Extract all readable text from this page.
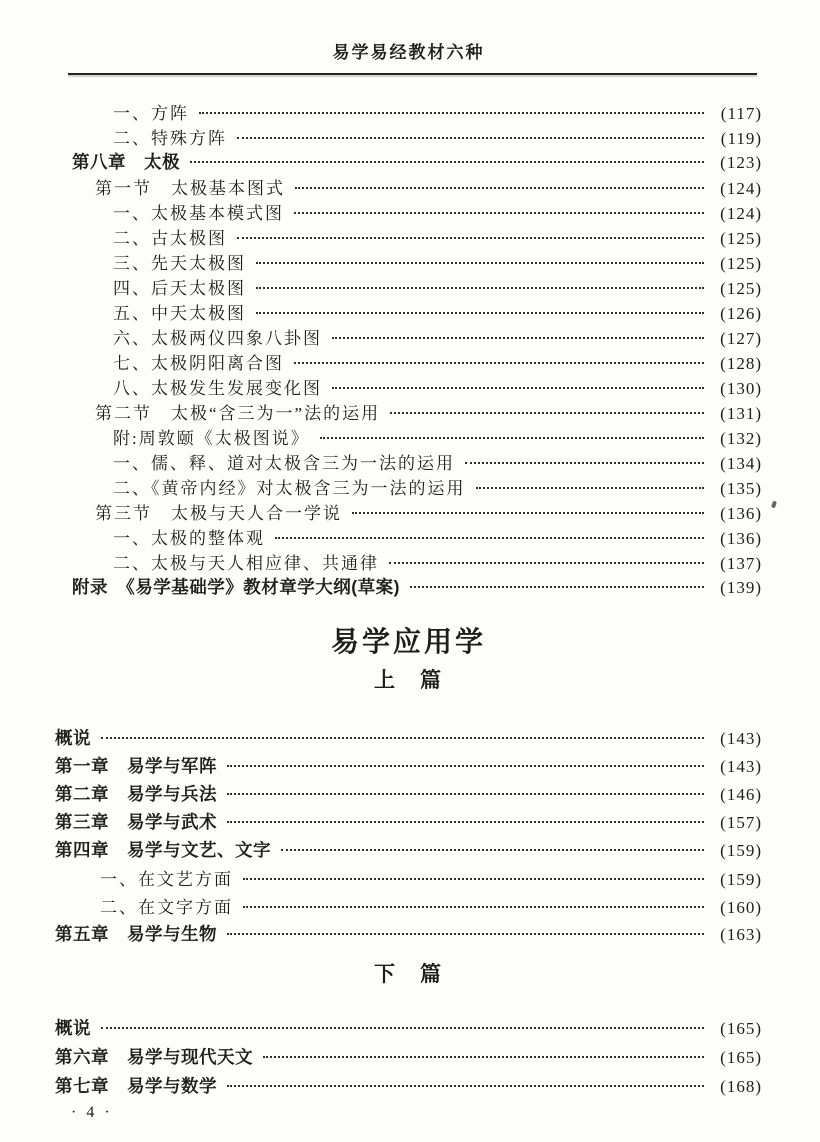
易学易经教材六种
一、方阵	(117)
二、特殊方阵	(119)
第八章　太极	(123)
第一节　太极基本图式	(124)
一、太极基本模式图	(124)
二、古太极图	(125)
三、先天太极图	(125)
四、后天太极图	(125)
五、中天太极图	(126)
六、太极两仪四象八卦图	(127)
七、太极阴阳离合图	(128)
八、太极发生发展变化图	(130)
第二节　太极“含三为一”法的运用	(131)
附:周敦颐《太极图说》	(132)
一、儒、释、道对太极含三为一法的运用	(134)
二、《黄帝内经》对太极含三为一法的运用	(135)
第三节　太极与天人合一学说	(136)
一、太极的整体观	(136)
二、太极与天人相应律、共通律	(137)
附录　《易学基础学》教材章学大纲(草案)	(139)
易学应用学
上　篇
概说	(143)
第一章　易学与军阵	(143)
第二章　易学与兵法	(146)
第三章　易学与武术	(157)
第四章　易学与文艺、文字	(159)
一、在文艺方面	(159)
二、在文字方面	(160)
第五章　易学与生物	(163)
下　篇
概说	(165)
第六章　易学与现代天文	(165)
第七章　易学与数学	(168)
· 4 ·
